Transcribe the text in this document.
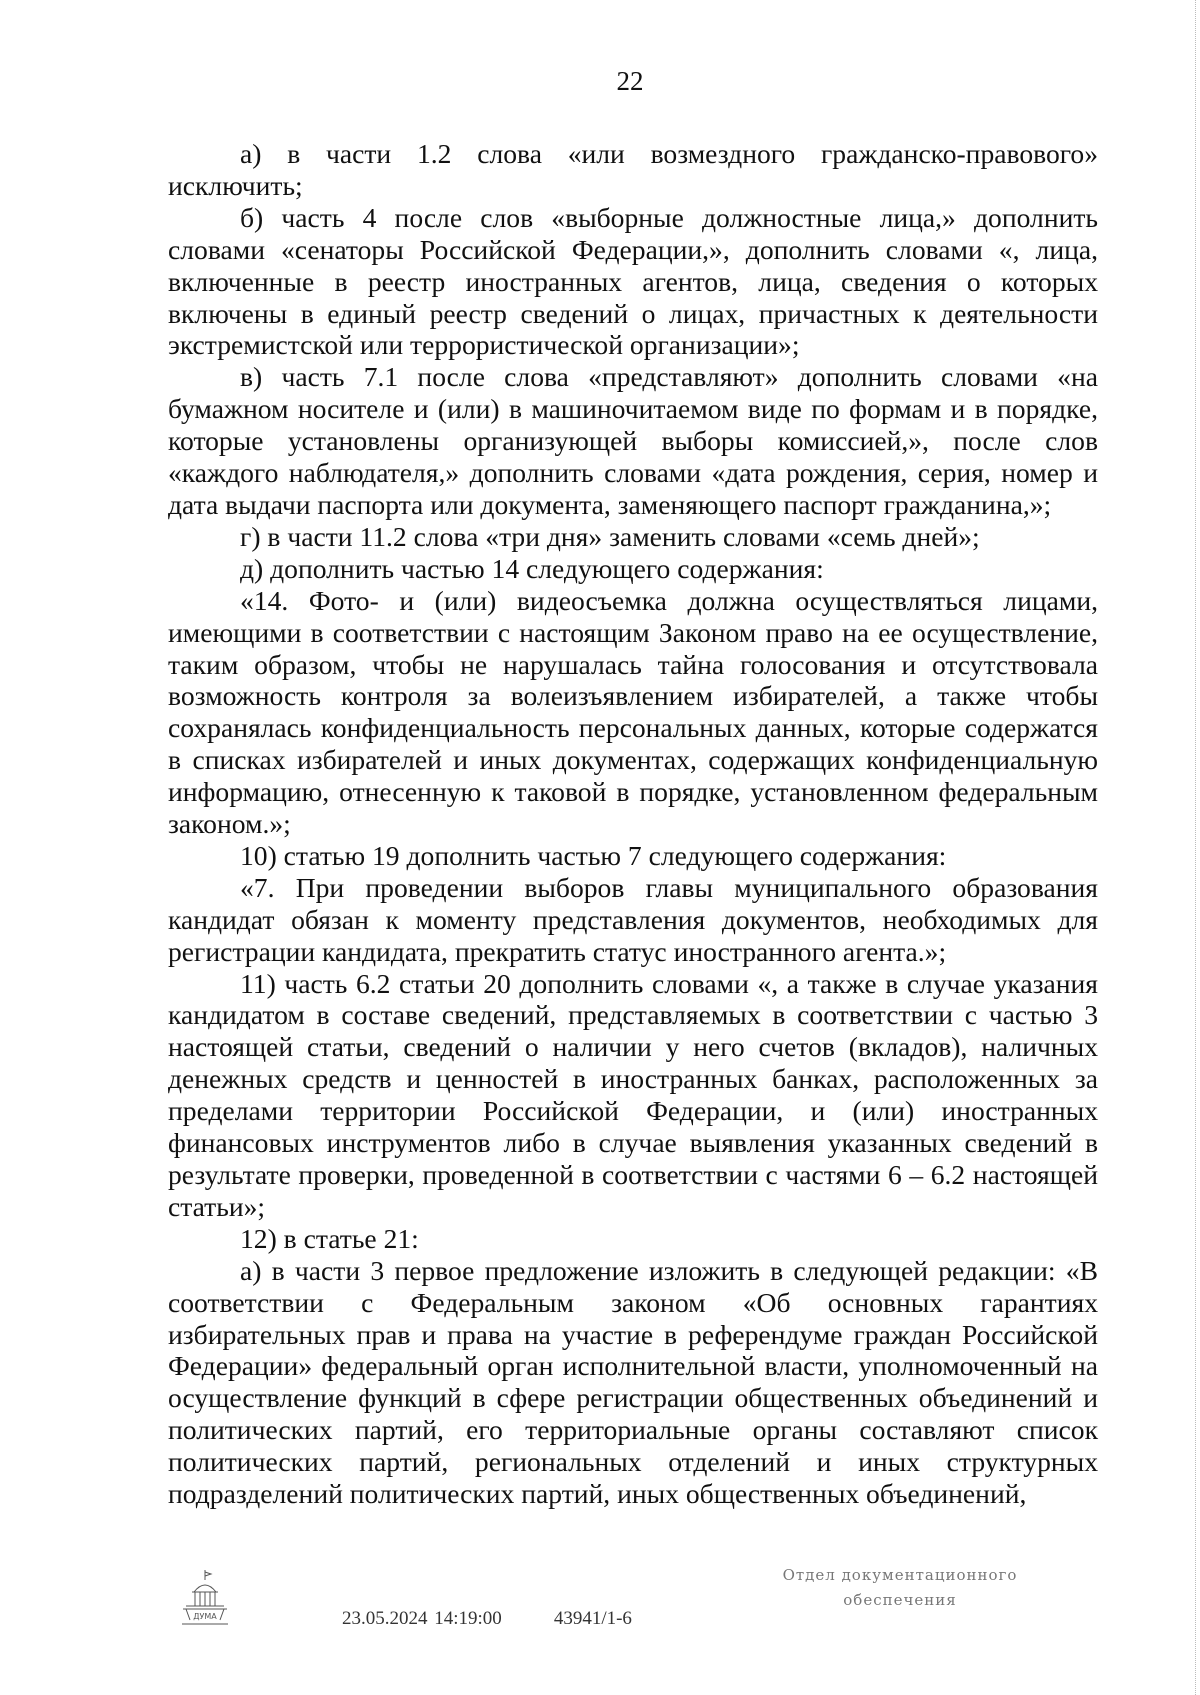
22

а) в части 1.2 слова «или возмездного гражданско-правового» исключить;

б) часть 4 после слов «выборные должностные лица,» дополнить словами «сенаторы Российской Федерации,», дополнить словами «, лица, включенные в реестр иностранных агентов, лица, сведения о которых включены в единый реестр сведений о лицах, причастных к деятельности экстремистской или террористической организации»;

в) часть 7.1 после слова «представляют» дополнить словами «на бумажном носителе и (или) в машиночитаемом виде по формам и в порядке, которые установлены организующей выборы комиссией,», после слов «каждого наблюдателя,» дополнить словами «дата рождения, серия, номер и дата выдачи паспорта или документа, заменяющего паспорт гражданина,»;

г) в части 11.2 слова «три дня» заменить словами «семь дней»;

д) дополнить частью 14 следующего содержания:

«14. Фото- и (или) видеосъемка должна осуществляться лицами, имеющими в соответствии с настоящим Законом право на ее осуществление, таким образом, чтобы не нарушалась тайна голосования и отсутствовала возможность контроля за волеизъявлением избирателей, а также чтобы сохранялась конфиденциальность персональных данных, которые содержатся в списках избирателей и иных документах, содержащих конфиденциальную информацию, отнесенную к таковой в порядке, установленном федеральным законом.»;

10) статью 19 дополнить частью 7 следующего содержания:

«7. При проведении выборов главы муниципального образования кандидат обязан к моменту представления документов, необходимых для регистрации кандидата, прекратить статус иностранного агента.»;

11) часть 6.2 статьи 20 дополнить словами «, а также в случае указания кандидатом в составе сведений, представляемых в соответствии с частью 3 настоящей статьи, сведений о наличии у него счетов (вкладов), наличных денежных средств и ценностей в иностранных банках, расположенных за пределами территории Российской Федерации, и (или) иностранных финансовых инструментов либо в случае выявления указанных сведений в результате проверки, проведенной в соответствии с частями 6 – 6.2 настоящей статьи»;

12) в статье 21:

а) в части 3 первое предложение изложить в следующей редакции: «В соответствии с Федеральным законом «Об основных гарантиях избирательных прав и права на участие в референдуме граждан Российской Федерации» федеральный орган исполнительной власти, уполномоченный на осуществление функций в сфере регистрации общественных объединений и политических партий, его территориальные органы составляют список политических партий, региональных отделений и иных структурных подразделений политических партий, иных общественных объединений,

ДУМА	23.05.2024 14:19:00	43941/1-6
Отдел документационного
обеспечения
